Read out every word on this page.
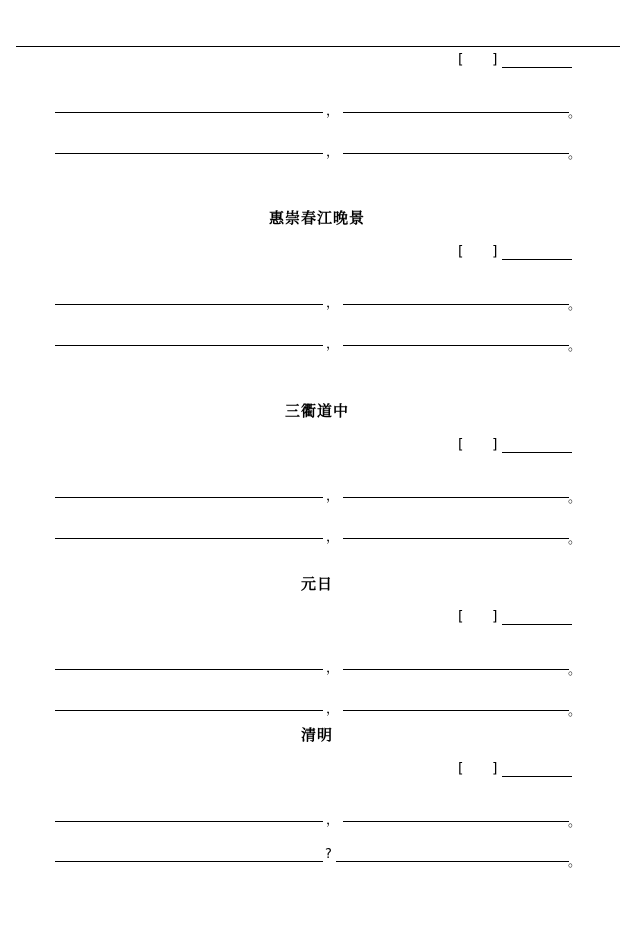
[ ]
，	。
，	。
惠崇春江晚景
[ ]
，	。
，	。
三衢道中
[ ]
，	。
，	。
元日
[ ]
，	。
，	。
清明
[ ]
，	。
?
。
